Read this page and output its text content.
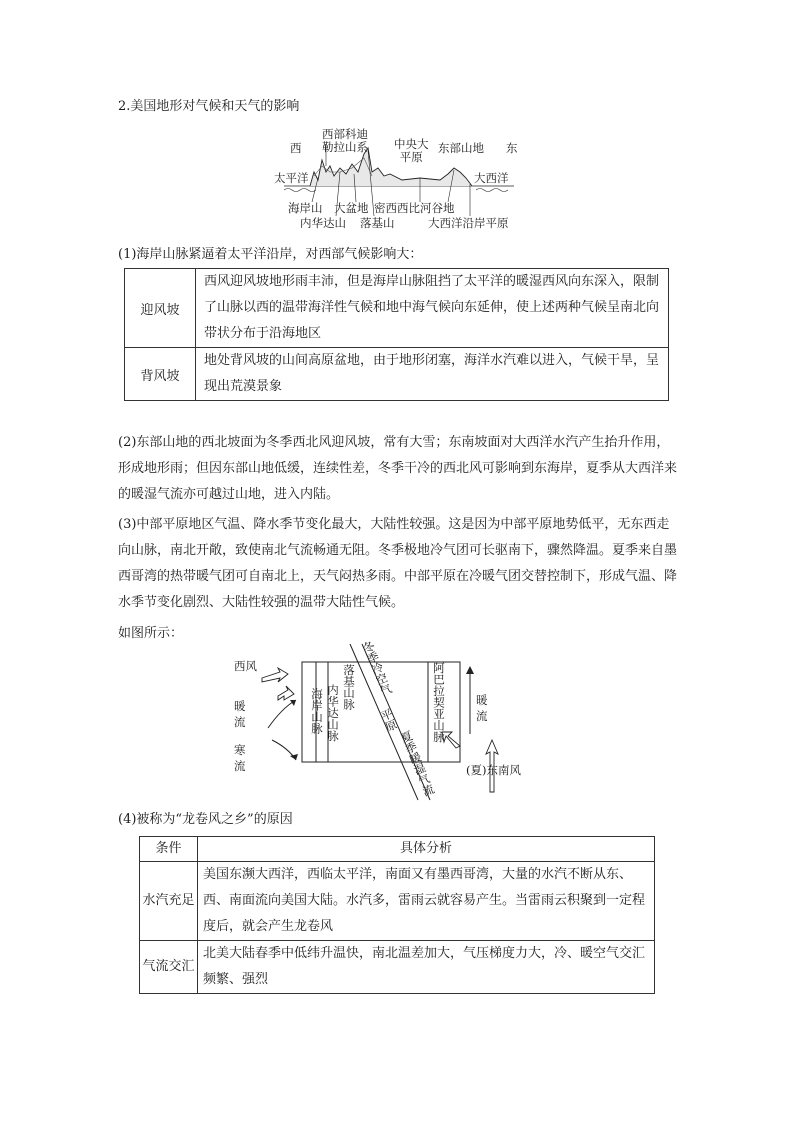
2.美国地形对气候和天气的影响
西
西部科迪
勒拉山系 中央大
平原
东部山地 东
太平洋	大西洋
海岸山 大盆地 密西西比河谷地
内华达山 落基山	大西洋沿岸平原
(1)海岸山脉紧逼着太平洋沿岸，对西部气候影响大：
迎风坡	西风迎风坡地形雨丰沛，但是海岸山脉阻挡了太平洋的暖湿西风向东深入，限制了山脉以西的温带海洋性气候和地中海气候向东延伸，使上述两种气候呈南北向带状分布于沿海地区
背风坡	地处背风坡的山间高原盆地，由于地形闭塞，海洋水汽难以进入，气候干旱，呈现出荒漠景象
(2)东部山地的西北坡面为冬季西北风迎风坡，常有大雪；东南坡面对大西洋水汽产生抬升作用，形成地形雨；但因东部山地低缓，连续性差，冬季干冷的西北风可影响到东海岸，夏季从大西洋来的暖湿气流亦可越过山地，进入内陆。
(3)中部平原地区气温、降水季节变化最大，大陆性较强。这是因为中部平原地势低平，无东西走向山脉，南北开敞，致使南北气流畅通无阻。冬季极地冷气团可长驱南下，骤然降温。夏季来自墨西哥湾的热带暖气团可自南北上，天气闷热多雨。中部平原在冷暖气团交替控制下，形成气温、降水季节变化剧烈、大陆性较强的温带大陆性气候。
如图所示：
西风
暖
流
寒
流
海岸山脉 内华达山脉 落基山脉 冬季冷空气
平原
夏季暖湿气流
阿巴拉契亚山脉	暖
流
(夏)东南风
(4)被称为“龙卷风之乡”的原因
条件	具体分析
水汽充足	美国东濒大西洋，西临太平洋，南面又有墨西哥湾，大量的水汽不断从东、西、南面流向美国大陆。水汽多，雷雨云就容易产生。当雷雨云积聚到一定程度后，就会产生龙卷风
气流交汇	北美大陆春季中低纬升温快，南北温差加大，气压梯度力大，冷、暖空气交汇频繁、强烈
